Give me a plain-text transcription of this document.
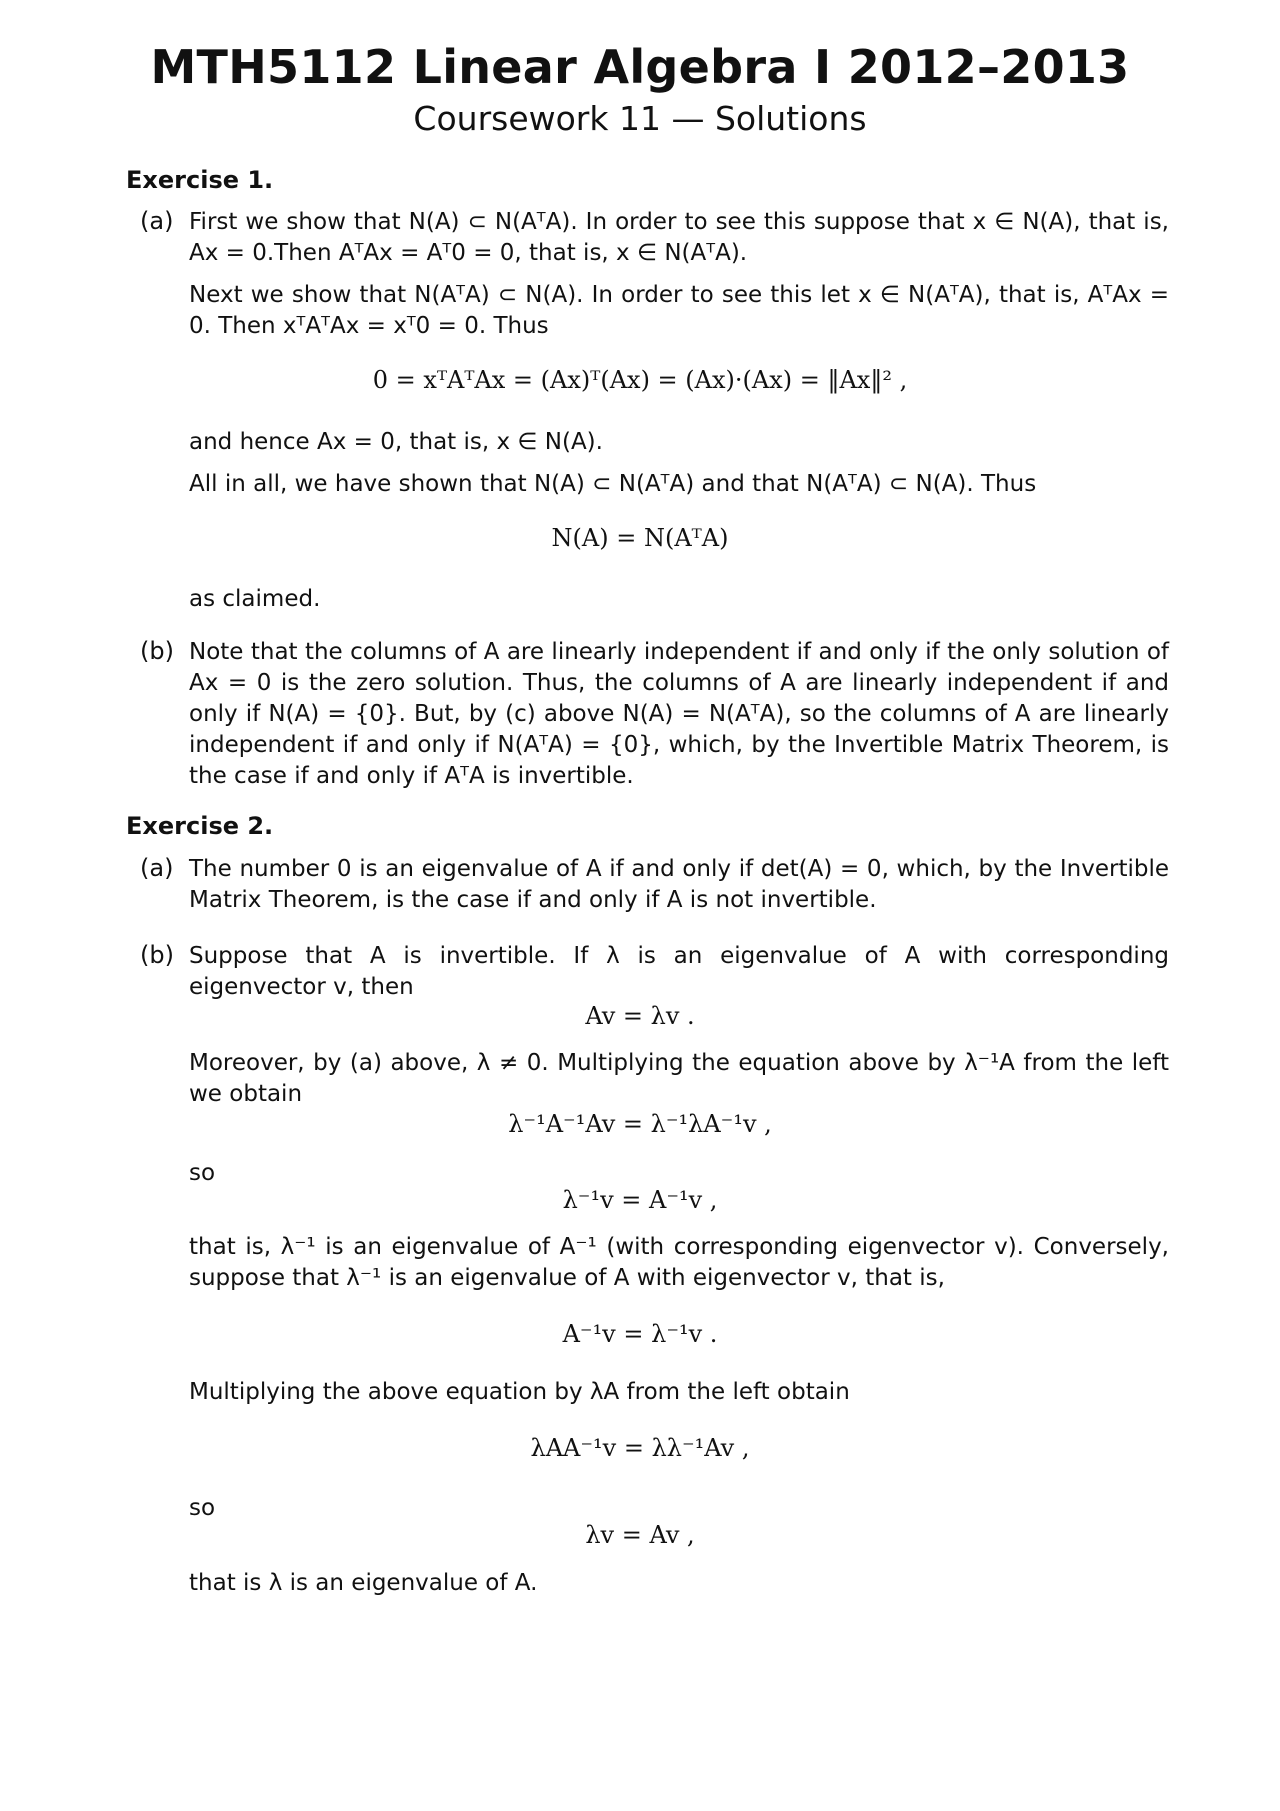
MTH5112 Linear Algebra I 2012–2013
Coursework 11 — Solutions
Exercise 1.
(a) First we show that N(A) ⊂ N(AᵀA). In order to see this suppose that x ∈ N(A), that is, Ax = 0.Then AᵀAx = Aᵀ0 = 0, that is, x ∈ N(AᵀA).
Next we show that N(AᵀA) ⊂ N(A). In order to see this let x ∈ N(AᵀA), that is, AᵀAx = 0. Then xᵀAᵀAx = xᵀ0 = 0. Thus
0 = xᵀAᵀAx = (Ax)ᵀ(Ax) = (Ax)·(Ax) = ‖Ax‖² ,
and hence Ax = 0, that is, x ∈ N(A).
All in all, we have shown that N(A) ⊂ N(AᵀA) and that N(AᵀA) ⊂ N(A). Thus
N(A) = N(AᵀA)
as claimed.
(b) Note that the columns of A are linearly independent if and only if the only solution of Ax = 0 is the zero solution. Thus, the columns of A are linearly independent if and only if N(A) = {0}. But, by (c) above N(A) = N(AᵀA), so the columns of A are linearly independent if and only if N(AᵀA) = {0}, which, by the Invertible Matrix Theorem, is the case if and only if AᵀA is invertible.
Exercise 2.
(a) The number 0 is an eigenvalue of A if and only if det(A) = 0, which, by the Invertible Matrix Theorem, is the case if and only if A is not invertible.
(b) Suppose that A is invertible. If λ is an eigenvalue of A with corresponding eigenvector v, then
Av = λv .
Moreover, by (a) above, λ ≠ 0. Multiplying the equation above by λ⁻¹A from the left we obtain
λ⁻¹A⁻¹Av = λ⁻¹λA⁻¹v ,
so
λ⁻¹v = A⁻¹v ,
that is, λ⁻¹ is an eigenvalue of A⁻¹ (with corresponding eigenvector v). Conversely, suppose that λ⁻¹ is an eigenvalue of A with eigenvector v, that is,
A⁻¹v = λ⁻¹v .
Multiplying the above equation by λA from the left obtain
λAA⁻¹v = λλ⁻¹Av ,
so
λv = Av ,
that is λ is an eigenvalue of A.
